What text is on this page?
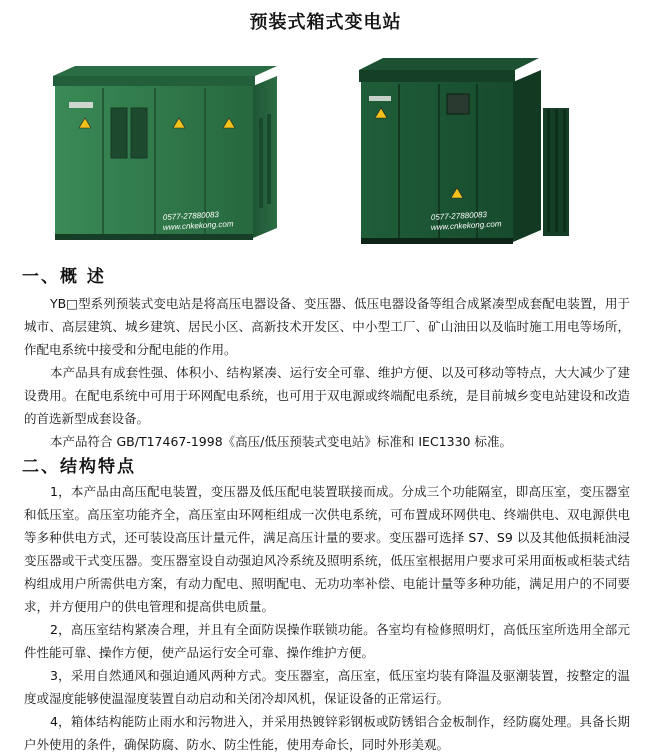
预装式箱式变电站
0577-27880083
www.cnkekong.com
0577-27880083
www.cnkekong.com
一、概 述

YB□型系列预装式变电站是将高压电器设备、变压器、低压电器设备等组合成紧凑型成套配电装置，用于城市、高层建筑、城乡建筑、居民小区、高新技术开发区、中小型工厂、矿山油田以及临时施工用电等场所，作配电系统中接受和分配电能的作用。

本产品具有成套性强、体积小、结构紧凑、运行安全可靠、维护方便、以及可移动等特点，大大减少了建设费用。在配电系统中可用于环网配电系统，也可用于双电源或终端配电系统，是目前城乡变电站建设和改造的首选新型成套设备。

本产品符合 GB/T17467-1998《高压/低压预装式变电站》标准和 IEC1330 标准。

二、结构特点

1，本产品由高压配电装置，变压器及低压配电装置联接而成。分成三个功能隔室，即高压室，变压器室和低压室。高压室功能齐全，高压室由环网柜组成一次供电系统，可布置成环网供电、终端供电、双电源供电等多种供电方式，还可装设高压计量元件，满足高压计量的要求。变压器可选择 S7、S9 以及其他低损耗油浸变压器或干式变压器。变压器室设自动强迫风冷系统及照明系统，低压室根据用户要求可采用面板或柜装式结构组成用户所需供电方案，有动力配电、照明配电、无功功率补偿、电能计量等多种功能，满足用户的不同要求，并方便用户的供电管理和提高供电质量。

2，高压室结构紧凑合理，并且有全面防误操作联锁功能。各室均有检修照明灯，高低压室所选用全部元件性能可靠、操作方便，使产品运行安全可靠、操作维护方便。

3，采用自然通风和强迫通风两种方式。变压器室，高压室，低压室均装有降温及驱潮装置，按整定的温度或湿度能够使温湿度装置自动启动和关闭冷却风机，保证设备的正常运行。

4，箱体结构能防止雨水和污物进入，并采用热镀锌彩钢板或防锈铝合金板制作，经防腐处理。具备长期户外使用的条件，确保防腐、防水、防尘性能，使用寿命长，同时外形美观。
